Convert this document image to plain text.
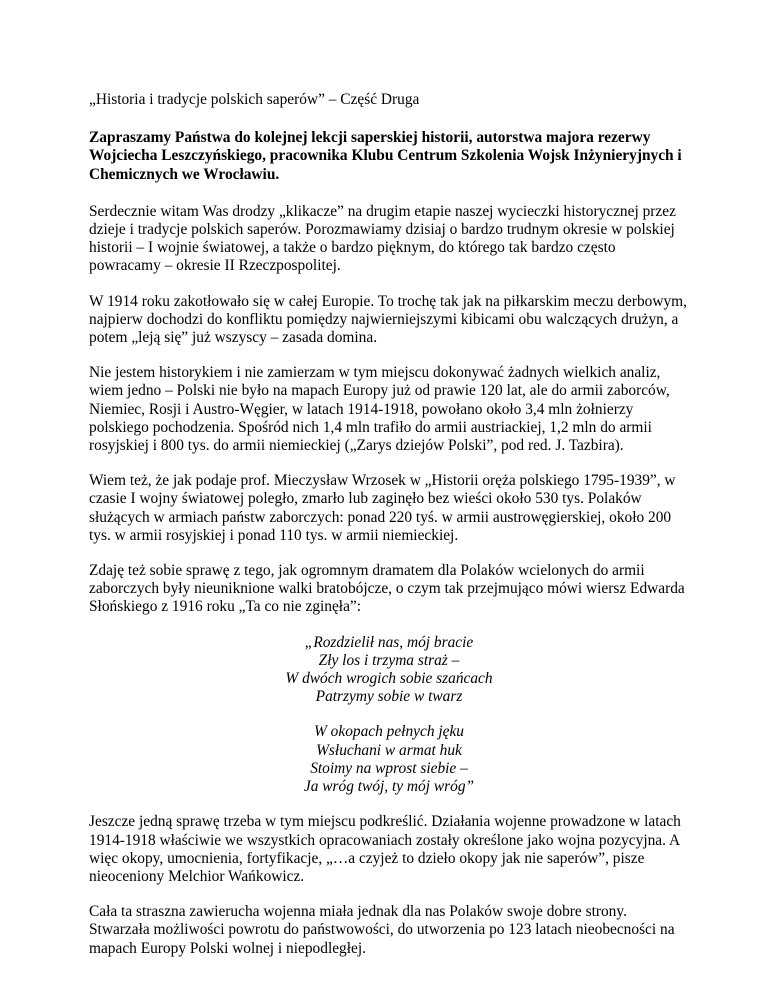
„Historia i tradycje polskich saperów” – Część Druga

Zapraszamy Państwa do kolejnej lekcji saperskiej historii, autorstwa majora rezerwy Wojciecha Leszczyńskiego, pracownika Klubu Centrum Szkolenia Wojsk Inżynieryjnych i Chemicznych we Wrocławiu.

Serdecznie witam Was drodzy „klikacze” na drugim etapie naszej wycieczki historycznej przez dzieje i tradycje polskich saperów. Porozmawiamy dzisiaj o bardzo trudnym okresie w polskiej historii – I wojnie światowej, a także o bardzo pięknym, do którego tak bardzo często powracamy – okresie II Rzeczpospolitej.

W 1914 roku zakotłowało się w całej Europie. To trochę tak jak na piłkarskim meczu derbowym, najpierw dochodzi do konfliktu pomiędzy najwierniejszymi kibicami obu walczących drużyn, a potem „leją się” już wszyscy – zasada domina.

Nie jestem historykiem i nie zamierzam w tym miejscu dokonywać żadnych wielkich analiz, wiem jedno – Polski nie było na mapach Europy już od prawie 120 lat, ale do armii zaborców, Niemiec, Rosji i Austro-Węgier, w latach 1914-1918, powołano około 3,4 mln żołnierzy polskiego pochodzenia. Spośród nich 1,4 mln trafiło do armii austriackiej, 1,2 mln do armii rosyjskiej i 800 tys. do armii niemieckiej („Zarys dziejów Polski”, pod red. J. Tazbira).

Wiem też, że jak podaje prof. Mieczysław Wrzosek w „Historii oręża polskiego 1795-1939”, w czasie I wojny światowej poległo, zmarło lub zaginęło bez wieści około 530 tys. Polaków służących w armiach państw zaborczych: ponad 220 tyś. w armii austrowęgierskiej, około 200 tys. w armii rosyjskiej i ponad 110 tys. w armii niemieckiej.

Zdaję też sobie sprawę z tego, jak ogromnym dramatem dla Polaków wcielonych do armii zaborczych były nieuniknione walki bratobójcze, o czym tak przejmująco mówi wiersz Edwarda Słońskiego z 1916 roku „Ta co nie zginęła”:

„Rozdzielił nas, mój bracie
Zły los i trzyma straż –
W dwóch wrogich sobie szańcach
Patrzymy sobie w twarz
W okopach pełnych jęku
Wsłuchani w armat huk
Stoimy na wprost siebie –
Ja wróg twój, ty mój wróg”

Jeszcze jedną sprawę trzeba w tym miejscu podkreślić. Działania wojenne prowadzone w latach 1914-1918 właściwie we wszystkich opracowaniach zostały określone jako wojna pozycyjna. A więc okopy, umocnienia, fortyfikacje, „…a czyjeż to dzieło okopy jak nie saperów”, pisze nieoceniony Melchior Wańkowicz.

Cała ta straszna zawierucha wojenna miała jednak dla nas Polaków swoje dobre strony. Stwarzała możliwości powrotu do państwowości, do utworzenia po 123 latach nieobecności na mapach Europy Polski wolnej i niepodległej.
